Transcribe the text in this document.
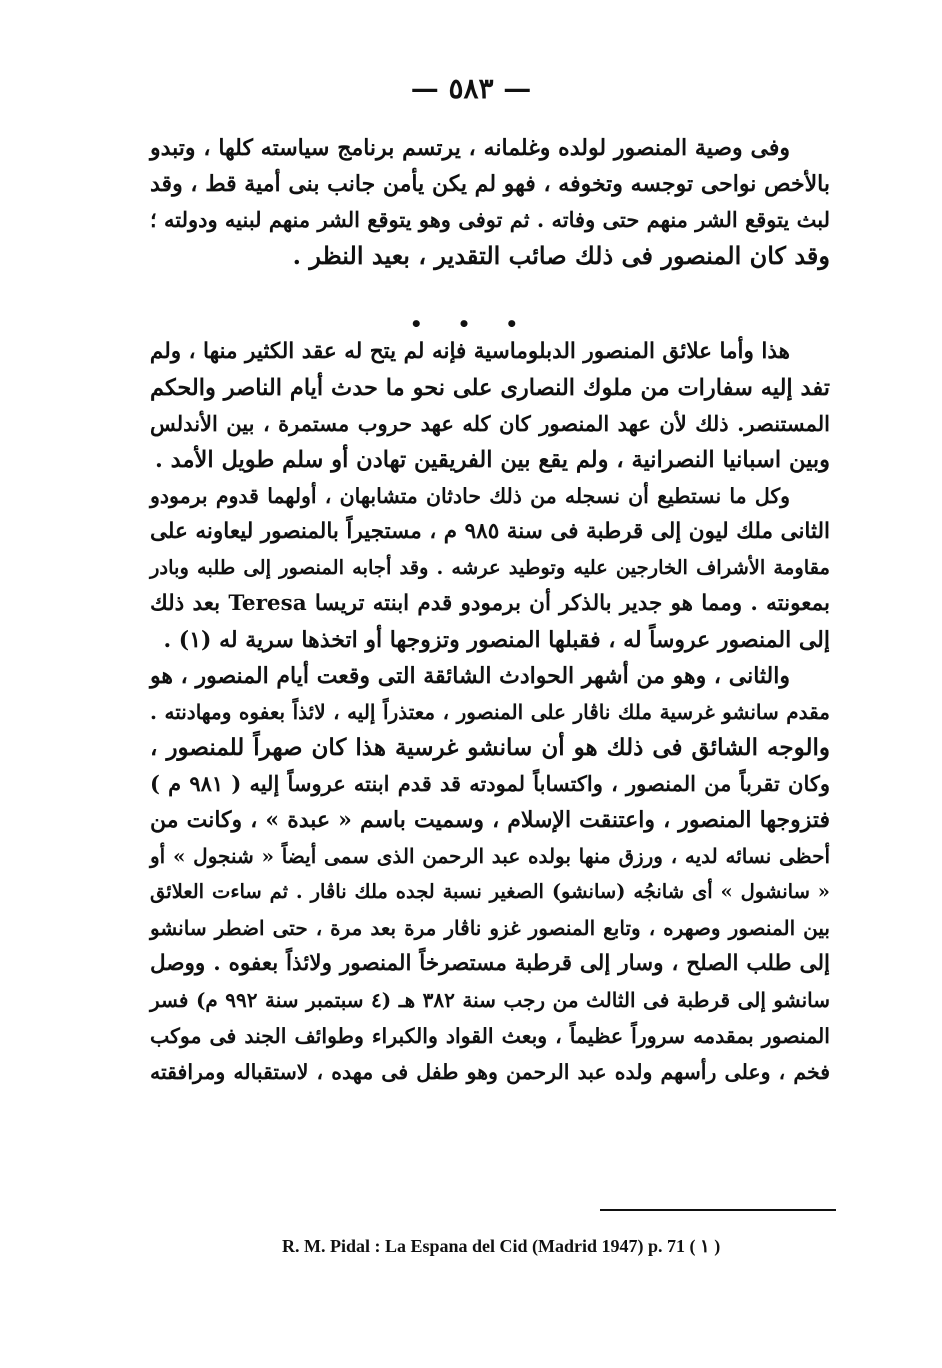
— ٥٨٣ —
وفى وصية المنصور لولده وغلمانه ، يرتسم برنامج سياسته كلها ، وتبدو
بالأخص نواحى توجسه وتخوفه ، فهو لم يكن يأمن جانب بنى أمية قط ، وقد
لبث يتوقع الشر منهم حتى وفاته . ثم توفى وهو يتوقع الشر منهم لبنيه ودولته ؛
وقد كان المنصور فى ذلك صائب التقدير ، بعيد النظر .
هذا وأما علائق المنصور الدبلوماسية فإنه لم يتح له عقد الكثير منها ، ولم
تفد إليه سفارات من ملوك النصارى على نحو ما حدث أيام الناصر والحكم
المستنصر. ذلك لأن عهد المنصور كان كله عهد حروب مستمرة ، بين الأندلس
وبين اسبانيا النصرانية ، ولم يقع بين الفريقين تهادن أو سلم طويل الأمد .
وكل ما نستطيع أن نسجله من ذلك حادثان متشابهان ، أولهما قدوم برمودو
الثانى ملك ليون إلى قرطبة فى سنة ٩٨٥ م ، مستجيراً بالمنصور ليعاونه على
مقاومة الأشراف الخارجين عليه وتوطيد عرشه . وقد أجابه المنصور إلى طلبه وبادر
بمعونته . ومما هو جدير بالذكر أن برمودو قدم ابنته تريسا Teresa بعد ذلك
إلى المنصور عروساً له ، فقبلها المنصور وتزوجها أو اتخذها سرية له (١) .
والثانى ، وهو من أشهر الحوادث الشائقة التى وقعت أيام المنصور ، هو
مقدم سانشو غرسية ملك ناڤار على المنصور ، معتذراً إليه ، لائذاً بعفوه ومهادنته .
والوجه الشائق فى ذلك هو أن سانشو غرسية هذا كان صهراً للمنصور ،
وكان تقرباً من المنصور ، واكتساباً لمودته قد قدم ابنته عروساً إليه ( ٩٨١ م )
فتزوجها المنصور ، واعتنقت الإسلام ، وسميت باسم « عبدة » ، وكانت من
أحظى نسائه لديه ، ورزق منها بولده عبد الرحمن الذى سمى أيضاً « شنجول » أو
« سانشول » أى شانجُه (سانشو) الصغير نسبة لجده ملك ناڤار . ثم ساءت العلائق
بين المنصور وصهره ، وتابع المنصور غزو ناڤار مرة بعد مرة ، حتى اضطر سانشو
إلى طلب الصلح ، وسار إلى قرطبة مستصرخاً المنصور ولائذاً بعفوه . ووصل
سانشو إلى قرطبة فى الثالث من رجب سنة ٣٨٢ هـ (٤ سبتمبر سنة ٩٩٢ م) فسر
المنصور بمقدمه سروراً عظيماً ، وبعث القواد والكبراء وطوائف الجند فى موكب
فخم ، وعلى رأسهم ولده عبد الرحمن وهو طفل فى مهده ، لاستقباله ومرافقته
• • •
R. M. Pidal : La Espana del Cid (Madrid 1947) p. 71 ( ١ )
